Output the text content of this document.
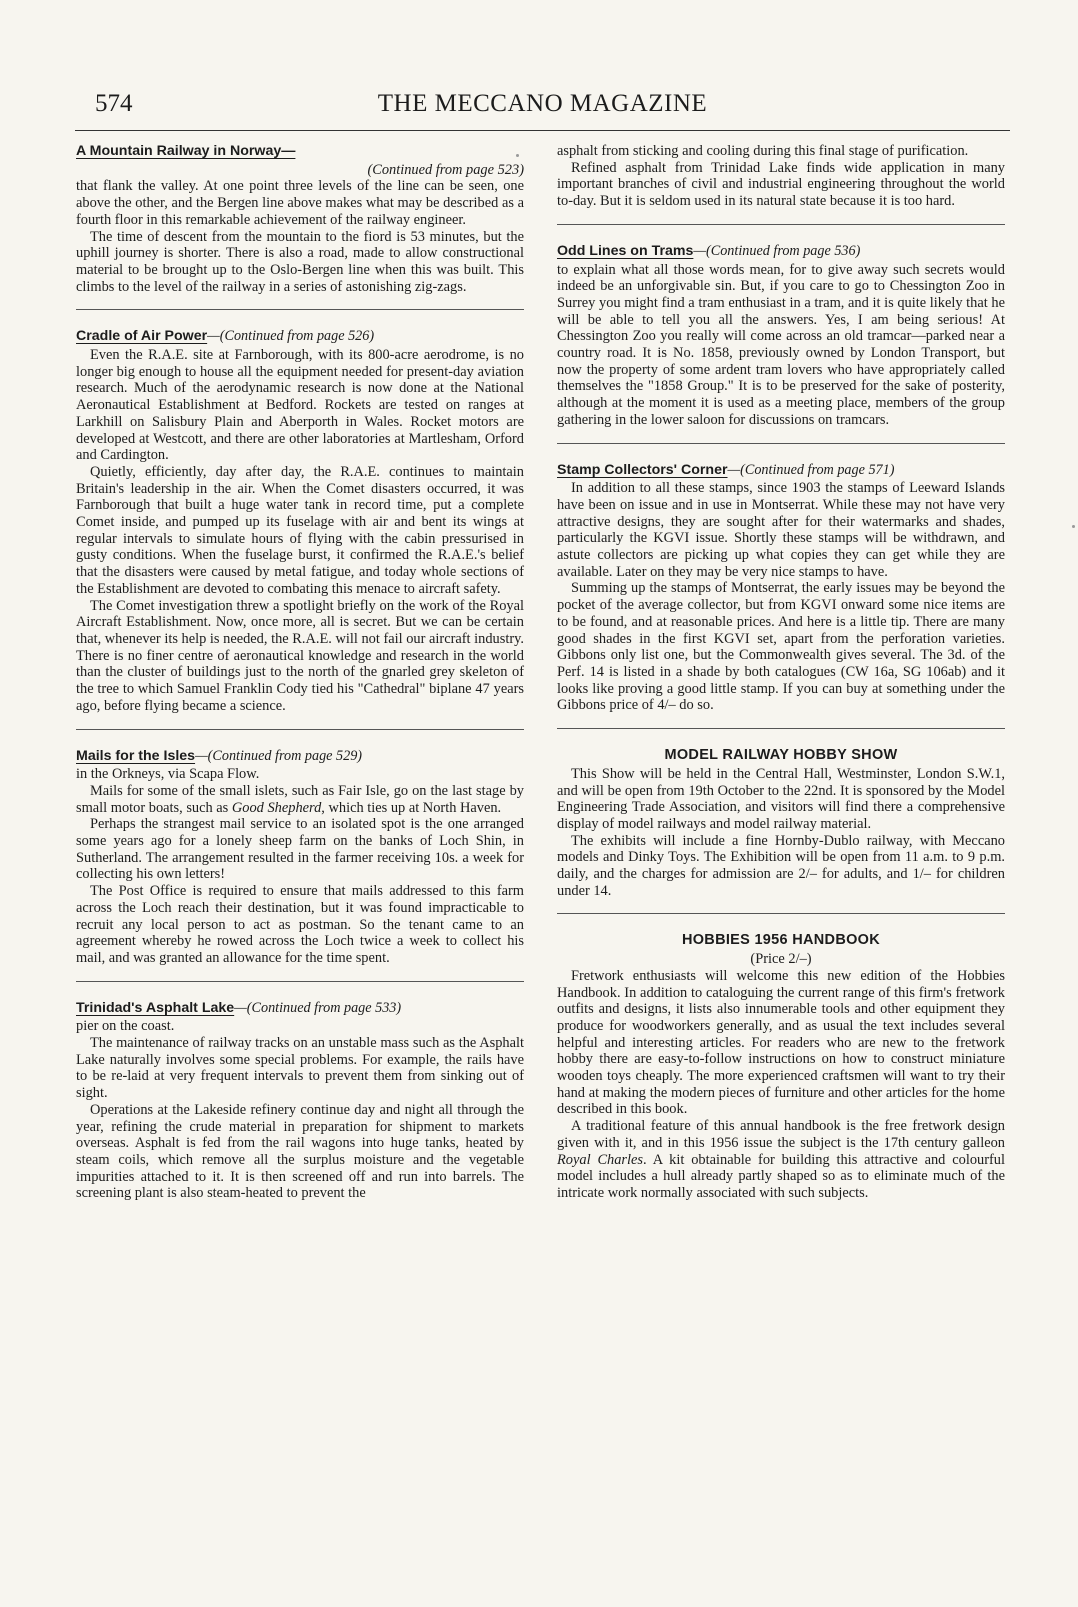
574	THE MECCANO MAGAZINE
A Mountain Railway in Norway—
(Continued from page 523)

that flank the valley. At one point three levels of the line can be seen, one above the other, and the Bergen line above makes what may be described as a fourth floor in this remarkable achievement of the railway engineer.

The time of descent from the mountain to the fiord is 53 minutes, but the uphill journey is shorter. There is also a road, made to allow constructional material to be brought up to the Oslo-Bergen line when this was built. This climbs to the level of the railway in a series of astonishing zig-zags.

Cradle of Air Power—(Continued from page 526)

Even the R.A.E. site at Farnborough, with its 800-acre aerodrome, is no longer big enough to house all the equipment needed for present-day aviation research. Much of the aerodynamic research is now done at the National Aeronautical Establishment at Bedford. Rockets are tested on ranges at Larkhill on Salisbury Plain and Aberporth in Wales. Rocket motors are developed at Westcott, and there are other laboratories at Martlesham, Orford and Cardington.

Quietly, efficiently, day after day, the R.A.E. continues to maintain Britain's leadership in the air. When the Comet disasters occurred, it was Farnborough that built a huge water tank in record time, put a complete Comet inside, and pumped up its fuselage with air and bent its wings at regular intervals to simulate hours of flying with the cabin pressurised in gusty conditions. When the fuselage burst, it confirmed the R.A.E.'s belief that the disasters were caused by metal fatigue, and today whole sections of the Establishment are devoted to combating this menace to aircraft safety.

The Comet investigation threw a spotlight briefly on the work of the Royal Aircraft Establishment. Now, once more, all is secret. But we can be certain that, whenever its help is needed, the R.A.E. will not fail our aircraft industry. There is no finer centre of aeronautical knowledge and research in the world than the cluster of buildings just to the north of the gnarled grey skeleton of the tree to which Samuel Franklin Cody tied his "Cathedral" biplane 47 years ago, before flying became a science.

Mails for the Isles—(Continued from page 529)

in the Orkneys, via Scapa Flow.

Mails for some of the small islets, such as Fair Isle, go on the last stage by small motor boats, such as Good Shepherd, which ties up at North Haven.

Perhaps the strangest mail service to an isolated spot is the one arranged some years ago for a lonely sheep farm on the banks of Loch Shin, in Sutherland. The arrangement resulted in the farmer receiving 10s. a week for collecting his own letters!

The Post Office is required to ensure that mails addressed to this farm across the Loch reach their destination, but it was found impracticable to recruit any local person to act as postman. So the tenant came to an agreement whereby he rowed across the Loch twice a week to collect his mail, and was granted an allowance for the time spent.

Trinidad's Asphalt Lake—(Continued from page 533)

pier on the coast.

The maintenance of railway tracks on an unstable mass such as the Asphalt Lake naturally involves some special problems. For example, the rails have to be re-laid at very frequent intervals to prevent them from sinking out of sight.

Operations at the Lakeside refinery continue day and night all through the year, refining the crude material in preparation for shipment to markets overseas. Asphalt is fed from the rail wagons into huge tanks, heated by steam coils, which remove all the surplus moisture and the vegetable impurities attached to it. It is then screened off and run into barrels. The screening plant is also steam-heated to prevent the

asphalt from sticking and cooling during this final stage of purification.

Refined asphalt from Trinidad Lake finds wide application in many important branches of civil and industrial engineering throughout the world to-day. But it is seldom used in its natural state because it is too hard.

Odd Lines on Trams—(Continued from page 536)

to explain what all those words mean, for to give away such secrets would indeed be an unforgivable sin. But, if you care to go to Chessington Zoo in Surrey you might find a tram enthusiast in a tram, and it is quite likely that he will be able to tell you all the answers. Yes, I am being serious! At Chessington Zoo you really will come across an old tramcar—parked near a country road. It is No. 1858, previously owned by London Transport, but now the property of some ardent tram lovers who have appropriately called themselves the "1858 Group." It is to be preserved for the sake of posterity, although at the moment it is used as a meeting place, members of the group gathering in the lower saloon for discussions on tramcars.

Stamp Collectors' Corner—(Continued from page 571)

In addition to all these stamps, since 1903 the stamps of Leeward Islands have been on issue and in use in Montserrat. While these may not have very attractive designs, they are sought after for their watermarks and shades, particularly the KGVI issue. Shortly these stamps will be withdrawn, and astute collectors are picking up what copies they can get while they are available. Later on they may be very nice stamps to have.

Summing up the stamps of Montserrat, the early issues may be beyond the pocket of the average collector, but from KGVI onward some nice items are to be found, and at reasonable prices. And here is a little tip. There are many good shades in the first KGVI set, apart from the perforation varieties. Gibbons only list one, but the Commonwealth gives several. The 3d. of the Perf. 14 is listed in a shade by both catalogues (CW 16a, SG 106ab) and it looks like proving a good little stamp. If you can buy at something under the Gibbons price of 4/– do so.

MODEL RAILWAY HOBBY SHOW

This Show will be held in the Central Hall, Westminster, London S.W.1, and will be open from 19th October to the 22nd. It is sponsored by the Model Engineering Trade Association, and visitors will find there a comprehensive display of model railways and model railway material.

The exhibits will include a fine Hornby-Dublo railway, with Meccano models and Dinky Toys. The Exhibition will be open from 11 a.m. to 9 p.m. daily, and the charges for admission are 2/– for adults, and 1/– for children under 14.

HOBBIES 1956 HANDBOOK
(Price 2/–)

Fretwork enthusiasts will welcome this new edition of the Hobbies Handbook. In addition to cataloguing the current range of this firm's fretwork outfits and designs, it lists also innumerable tools and other equipment they produce for woodworkers generally, and as usual the text includes several helpful and interesting articles. For readers who are new to the fretwork hobby there are easy-to-follow instructions on how to construct miniature wooden toys cheaply. The more experienced craftsmen will want to try their hand at making the modern pieces of furniture and other articles for the home described in this book.

A traditional feature of this annual handbook is the free fretwork design given with it, and in this 1956 issue the subject is the 17th century galleon Royal Charles. A kit obtainable for building this attractive and colourful model includes a hull already partly shaped so as to eliminate much of the intricate work normally associated with such subjects.
